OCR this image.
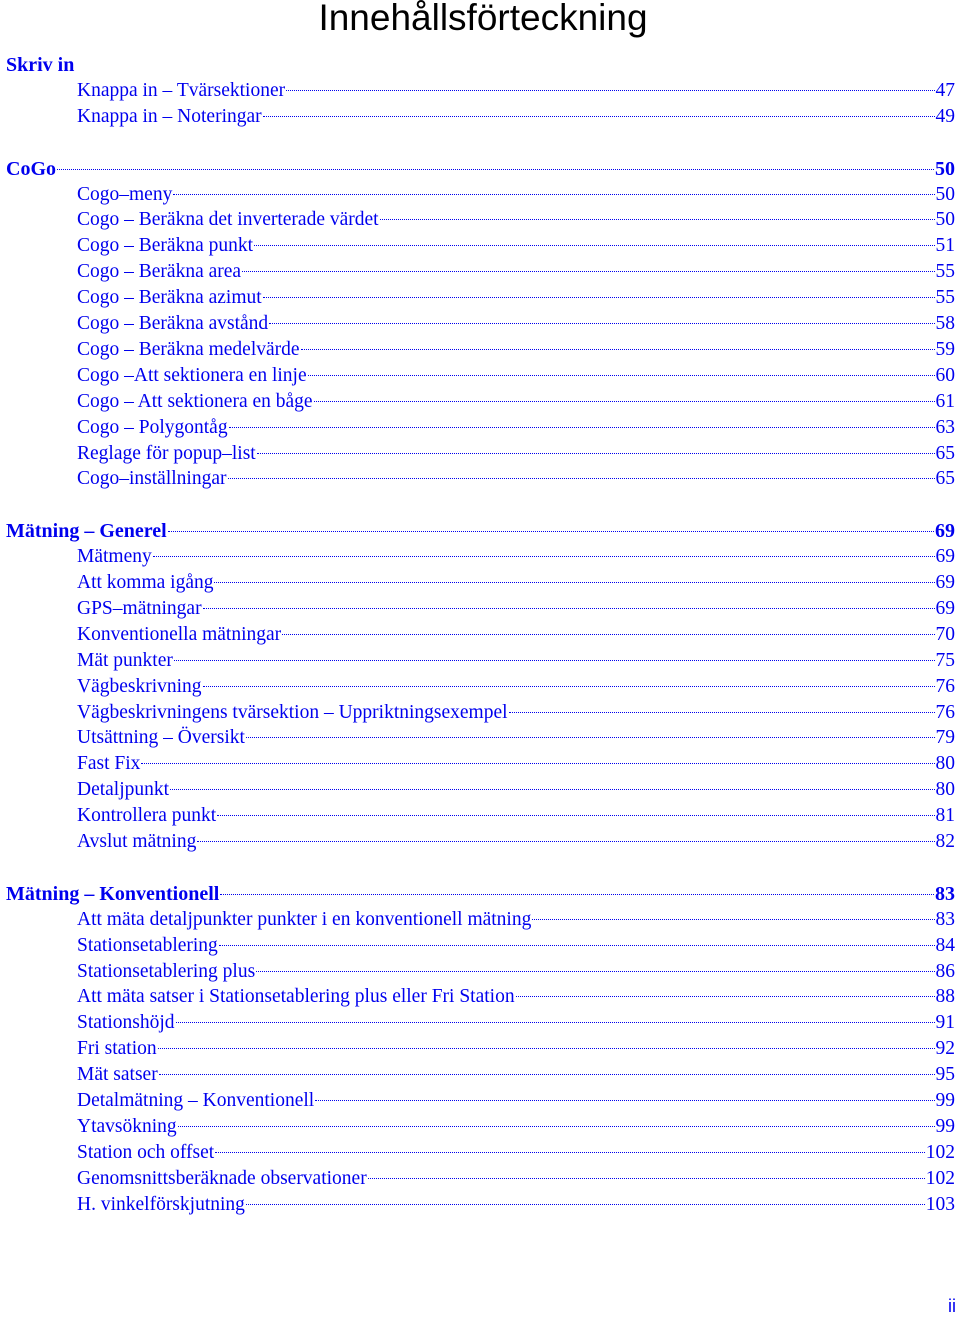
Innehållsförteckning
Skriv in
Knappa in – Tvärsektioner	47
Knappa in – Noteringar	49
CoGo	50
Cogo–meny	50
Cogo – Beräkna det inverterade värdet	50
Cogo – Beräkna punkt	51
Cogo – Beräkna area	55
Cogo – Beräkna azimut	55
Cogo – Beräkna avstånd	58
Cogo – Beräkna medelvärde	59
Cogo –Att sektionera en linje	60
Cogo – Att sektionera en båge	61
Cogo – Polygontåg	63
Reglage för popup–list	65
Cogo–inställningar	65
Mätning – Generel	69
Mätmeny	69
Att komma igång	69
GPS–mätningar	69
Konventionella mätningar	70
Mät punkter	75
Vägbeskrivning	76
Vägbeskrivningens tvärsektion – Uppriktningsexempel	76
Utsättning – Översikt	79
Fast Fix	80
Detaljpunkt	80
Kontrollera punkt	81
Avslut mätning	82
Mätning – Konventionell	83
Att mäta detaljpunkter punkter i en konventionell mätning	83
Stationsetablering	84
Stationsetablering plus	86
Att mäta satser i Stationsetablering plus eller Fri Station	88
Stationshöjd	91
Fri station	92
Mät satser	95
Detalmätning – Konventionell	99
Ytavsökning	99
Station och offset	102
Genomsnittsberäknade observationer	102
H. vinkelförskjutning	103
ii
